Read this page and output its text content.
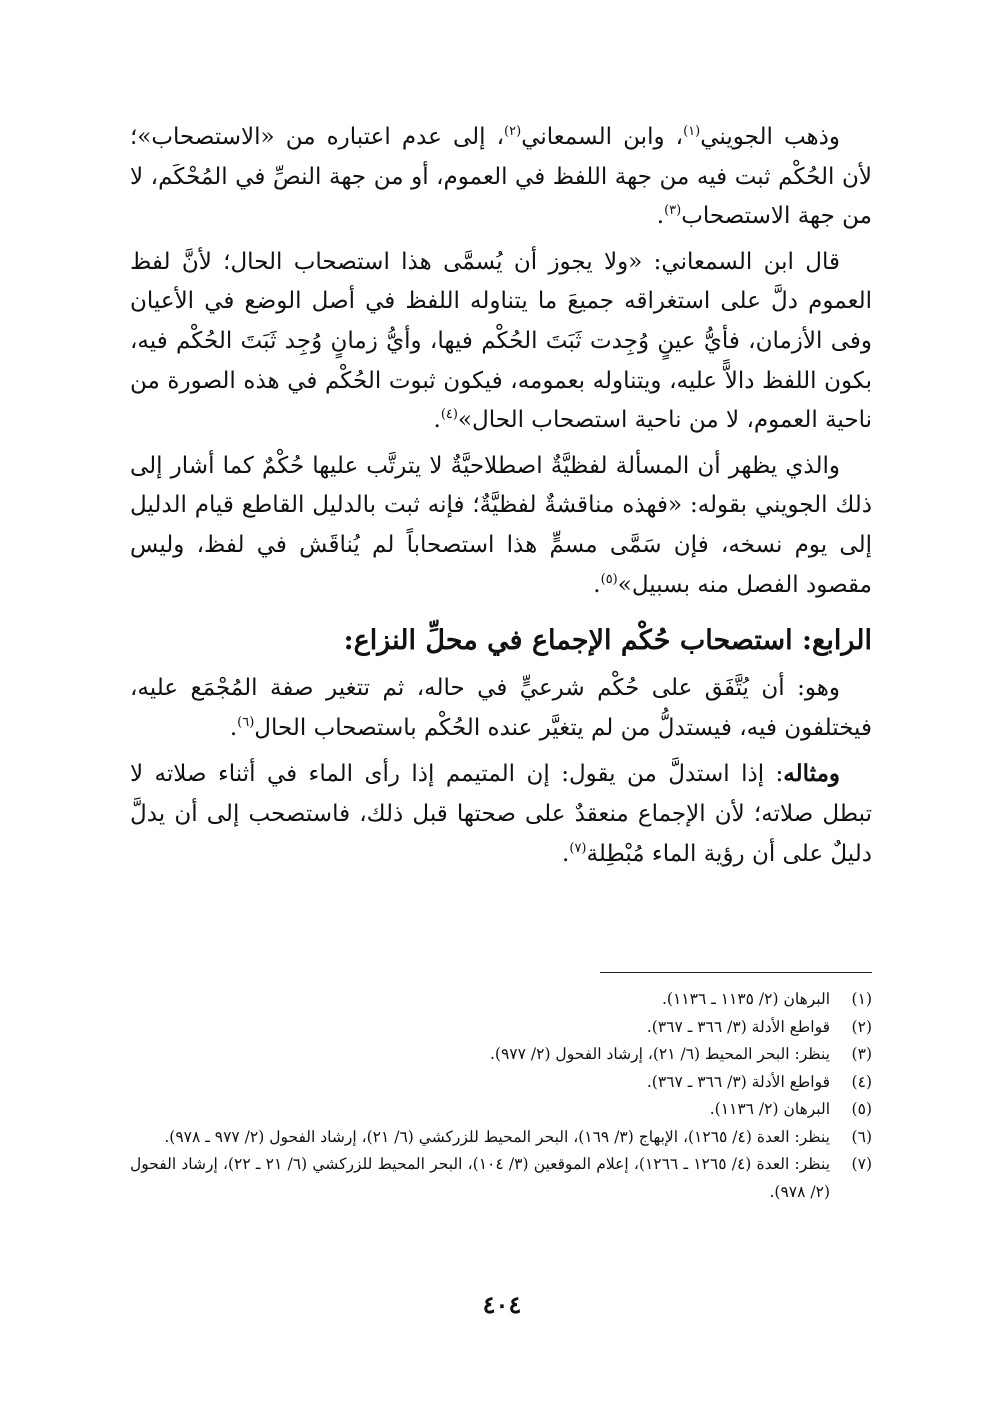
وذهب الجويني$^{(١)}$، وابن السمعاني$^{(٢)}$، إلى عدم اعتباره من «الاستصحاب»؛ لأن الحُكْم ثبت فيه من جهة اللفظ في العموم، أو من جهة النصِّ في المُحْكَم، لا من جهة الاستصحاب$^{(٣)}$.

قال ابن السمعاني: «ولا يجوز أن يُسمَّى هذا استصحاب الحال؛ لأنَّ لفظ العموم دلَّ على استغراقه جميعَ ما يتناوله اللفظ في أصل الوضع في الأعيان وفى الأزمان، فأيُّ عينٍ وُجِدت ثَبَتَ الحُكْم فيها، وأيُّ زمانٍ وُجِد ثَبَتَ الحُكْم فيه، بكون اللفظ دالاًّ عليه، ويتناوله بعمومه، فيكون ثبوت الحُكْم في هذه الصورة من ناحية العموم، لا من ناحية استصحاب الحال»$^{(٤)}$.

والذي يظهر أن المسألة لفظيَّةٌ اصطلاحيَّةٌ لا يترتَّب عليها حُكْمٌ كما أشار إلى ذلك الجويني بقوله: «فهذه مناقشةٌ لفظيَّةٌ؛ فإنه ثبت بالدليل القاطع قيام الدليل إلى يوم نسخه، فإن سَمَّى مسمٍّ هذا استصحاباً لم يُناقَش في لفظ، وليس مقصود الفصل منه بسبيل»$^{(٥)}$.

الرابع: استصحاب حُكْم الإجماع في محلِّ النزاع:

وهو: أن يُتَّفَق على حُكْم شرعيٍّ في حاله، ثم تتغير صفة المُجْمَع عليه، فيختلفون فيه، فيستدلُّ من لم يتغيَّر عنده الحُكْم باستصحاب الحال$^{(٦)}$.

ومثاله: إذا استدلَّ من يقول: إن المتيمم إذا رأى الماء في أثناء صلاته لا تبطل صلاته؛ لأن الإجماع منعقدٌ على صحتها قبل ذلك، فاستصحب إلى أن يدلَّ دليلٌ على أن رؤية الماء مُبْطِلة$^{(٧)}$.

(١)
البرهان (٢/ ١١٣٥ ـ ١١٣٦).
(٢)
قواطع الأدلة (٣/ ٣٦٦ ـ ٣٦٧).
(٣)
ينظر: البحر المحيط (٦/ ٢١)، إرشاد الفحول (٢/ ٩٧٧).
(٤)
قواطع الأدلة (٣/ ٣٦٦ ـ ٣٦٧).
(٥)
البرهان (٢/ ١١٣٦).
(٦)
ينظر: العدة (٤/ ١٢٦٥)، الإبهاج (٣/ ١٦٩)، البحر المحيط للزركشي (٦/ ٢١)، إرشاد الفحول (٢/ ٩٧٧ ـ ٩٧٨).
(٧)
ينظر: العدة (٤/ ١٢٦٥ ـ ١٢٦٦)، إعلام الموقعين (٣/ ١٠٤)، البحر المحيط للزركشي (٦/ ٢١ ـ ٢٢)، إرشاد الفحول (٢/ ٩٧٨).
٤٠٤
